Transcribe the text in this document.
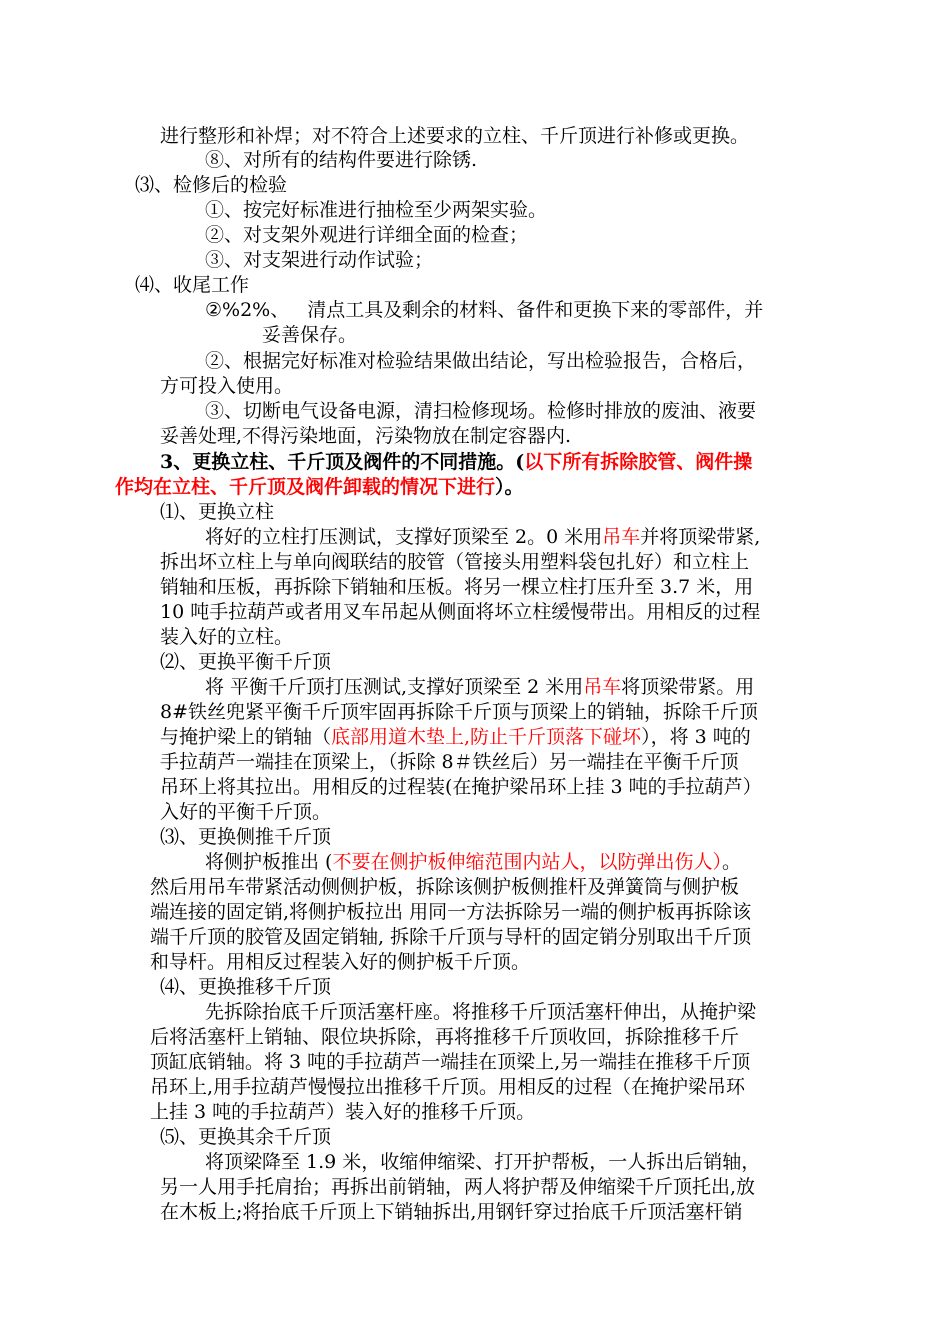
进行整形和补焊；对不符合上述要求的立柱、千斤顶进行补修或更换。
⑧、对所有的结构件要进行除锈.
⑶、检修后的检验
①、按完好标准进行抽检至少两架实验。
②、对支架外观进行详细全面的检查；
③、对支架进行动作试验；
⑷、收尾工作
②%2%、 清点工具及剩余的材料、备件和更换下来的零部件，并
妥善保存。
②、根据完好标准对检验结果做出结论，写出检验报告，合格后，
方可投入使用。
③、切断电气设备电源，清扫检修现场。检修时排放的废油、液要
妥善处理,不得污染地面，污染物放在制定容器内.
3、更换立柱、千斤顶及阀件的不同措施。(以下所有拆除胶管、阀件操
作均在立柱、千斤顶及阀件卸载的情况下进行）。
⑴、更换立柱
将好的立柱打压测试，支撑好顶梁至 2。0 米用吊车并将顶梁带紧,
拆出坏立柱上与单向阀联结的胶管（管接头用塑料袋包扎好）和立柱上
销轴和压板，再拆除下销轴和压板。将另一棵立柱打压升至 3.7 米，用
10 吨手拉葫芦或者用叉车吊起从侧面将坏立柱缓慢带出。用相反的过程
装入好的立柱。
⑵、更换平衡千斤顶
将 平衡千斤顶打压测试,支撑好顶梁至 2 米用吊车将顶梁带紧。用
8#铁丝兜紧平衡千斤顶牢固再拆除千斤顶与顶梁上的销轴，拆除千斤顶
与掩护梁上的销轴（底部用道木垫上,防止千斤顶落下碰坏），将 3 吨的
手拉葫芦一端挂在顶梁上，（拆除 8＃铁丝后）另一端挂在平衡千斤顶
吊环上将其拉出。用相反的过程装(在掩护梁吊环上挂 3 吨的手拉葫芦）
入好的平衡千斤顶。
⑶、更换侧推千斤顶
将侧护板推出 (不要在侧护板伸缩范围内站人，以防弹出伤人）。
然后用吊车带紧活动侧侧护板，拆除该侧护板侧推杆及弹簧筒与侧护板
端连接的固定销,将侧护板拉出 用同一方法拆除另一端的侧护板再拆除该
端千斤顶的胶管及固定销轴, 拆除千斤顶与导杆的固定销分别取出千斤顶
和导杆。用相反过程装入好的侧护板千斤顶。
⑷、更换推移千斤顶
先拆除抬底千斤顶活塞杆座。将推移千斤顶活塞杆伸出，从掩护梁
后将活塞杆上销轴、限位块拆除，再将推移千斤顶收回，拆除推移千斤
顶缸底销轴。将 3 吨的手拉葫芦一端挂在顶梁上,另一端挂在推移千斤顶
吊环上,用手拉葫芦慢慢拉出推移千斤顶。用相反的过程（在掩护梁吊环
上挂 3 吨的手拉葫芦）装入好的推移千斤顶。
⑸、更换其余千斤顶
将顶梁降至 1.9 米，收缩伸缩梁、打开护帮板，一人拆出后销轴，
另一人用手托肩抬；再拆出前销轴，两人将护帮及伸缩梁千斤顶托出,放
在木板上;将抬底千斤顶上下销轴拆出,用钢钎穿过抬底千斤顶活塞杆销
